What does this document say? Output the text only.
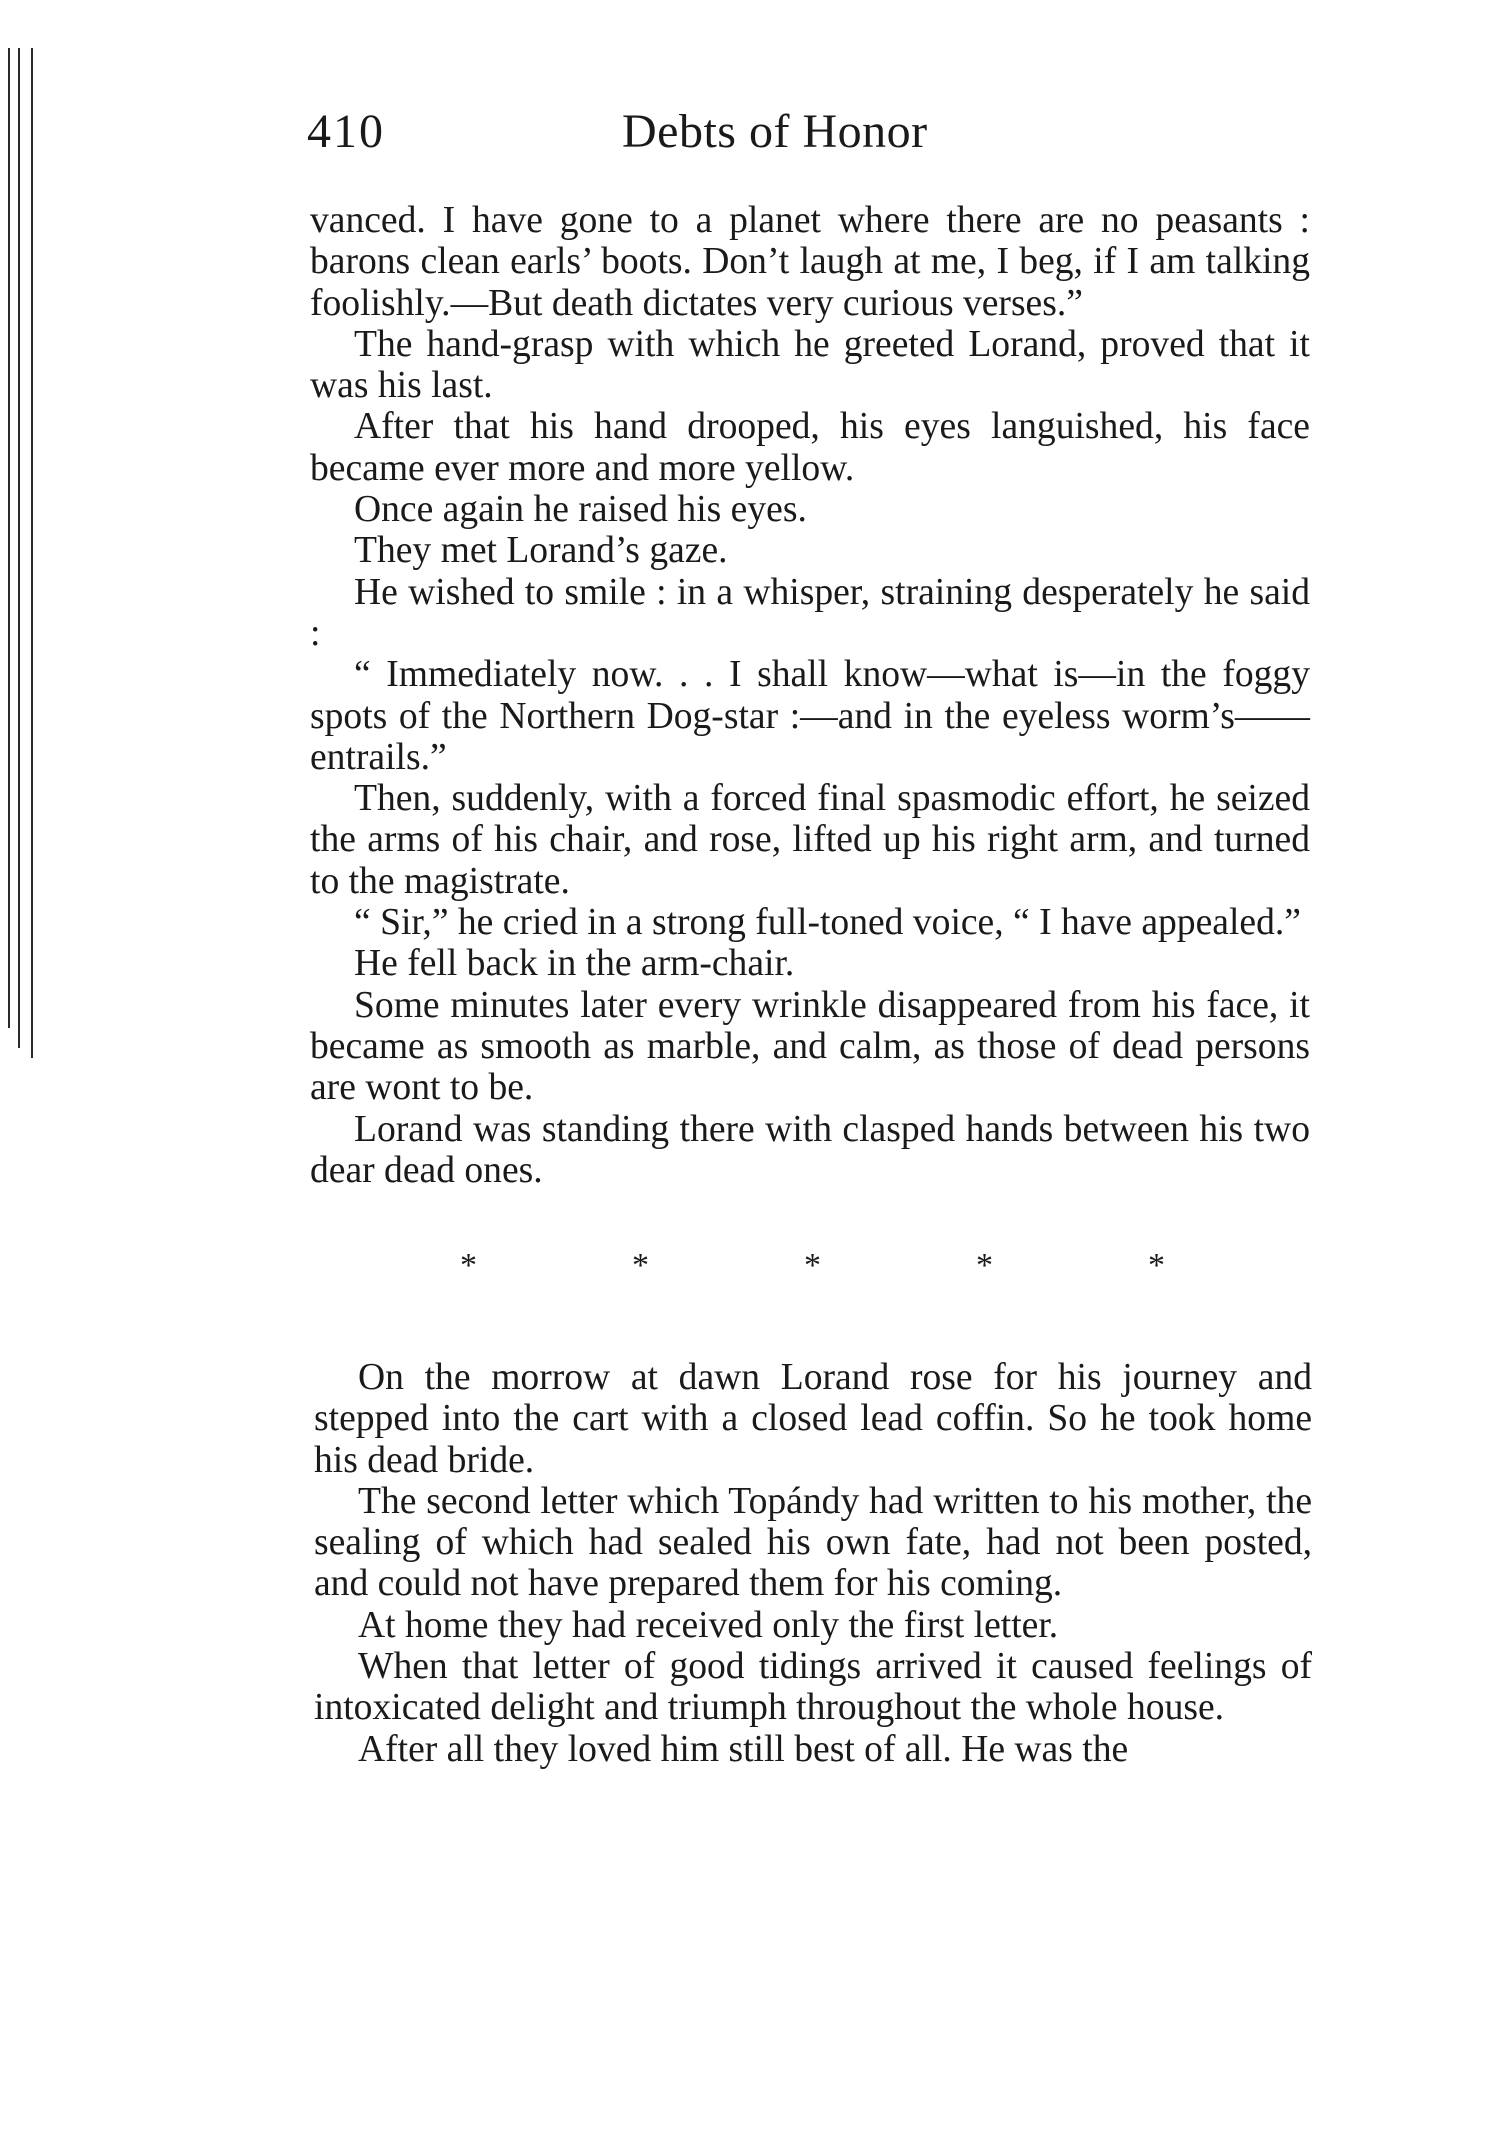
410	Debts of Honor

vanced. I have gone to a planet where there are no peasants : barons clean earls’ boots. Don’t laugh at me, I beg, if I am talking foolishly.—But death dictates very curious verses.”

The hand-grasp with which he greeted Lorand, proved that it was his last.

After that his hand drooped, his eyes languished, his face became ever more and more yellow.

Once again he raised his eyes.

They met Lorand’s gaze.

He wished to smile : in a whisper, straining desperately he said :

“ Immediately now. . . I shall know—what is—in the foggy spots of the Northern Dog-star :—and in the eyeless worm’s——entrails.”

Then, suddenly, with a forced final spasmodic effort, he seized the arms of his chair, and rose, lifted up his right arm, and turned to the magistrate.

“ Sir,” he cried in a strong full-toned voice, “ I have appealed.”

He fell back in the arm-chair.

Some minutes later every wrinkle disappeared from his face, it became as smooth as marble, and calm, as those of dead persons are wont to be.

Lorand was standing there with clasped hands between his two dear dead ones.

*	*	*	*	*

On the morrow at dawn Lorand rose for his journey and stepped into the cart with a closed lead coffin. So he took home his dead bride.

The second letter which Topándy had written to his mother, the sealing of which had sealed his own fate, had not been posted, and could not have prepared them for his coming.

At home they had received only the first letter.

When that letter of good tidings arrived it caused feelings of intoxicated delight and triumph throughout the whole house.

After all they loved him still best of all. He was the
